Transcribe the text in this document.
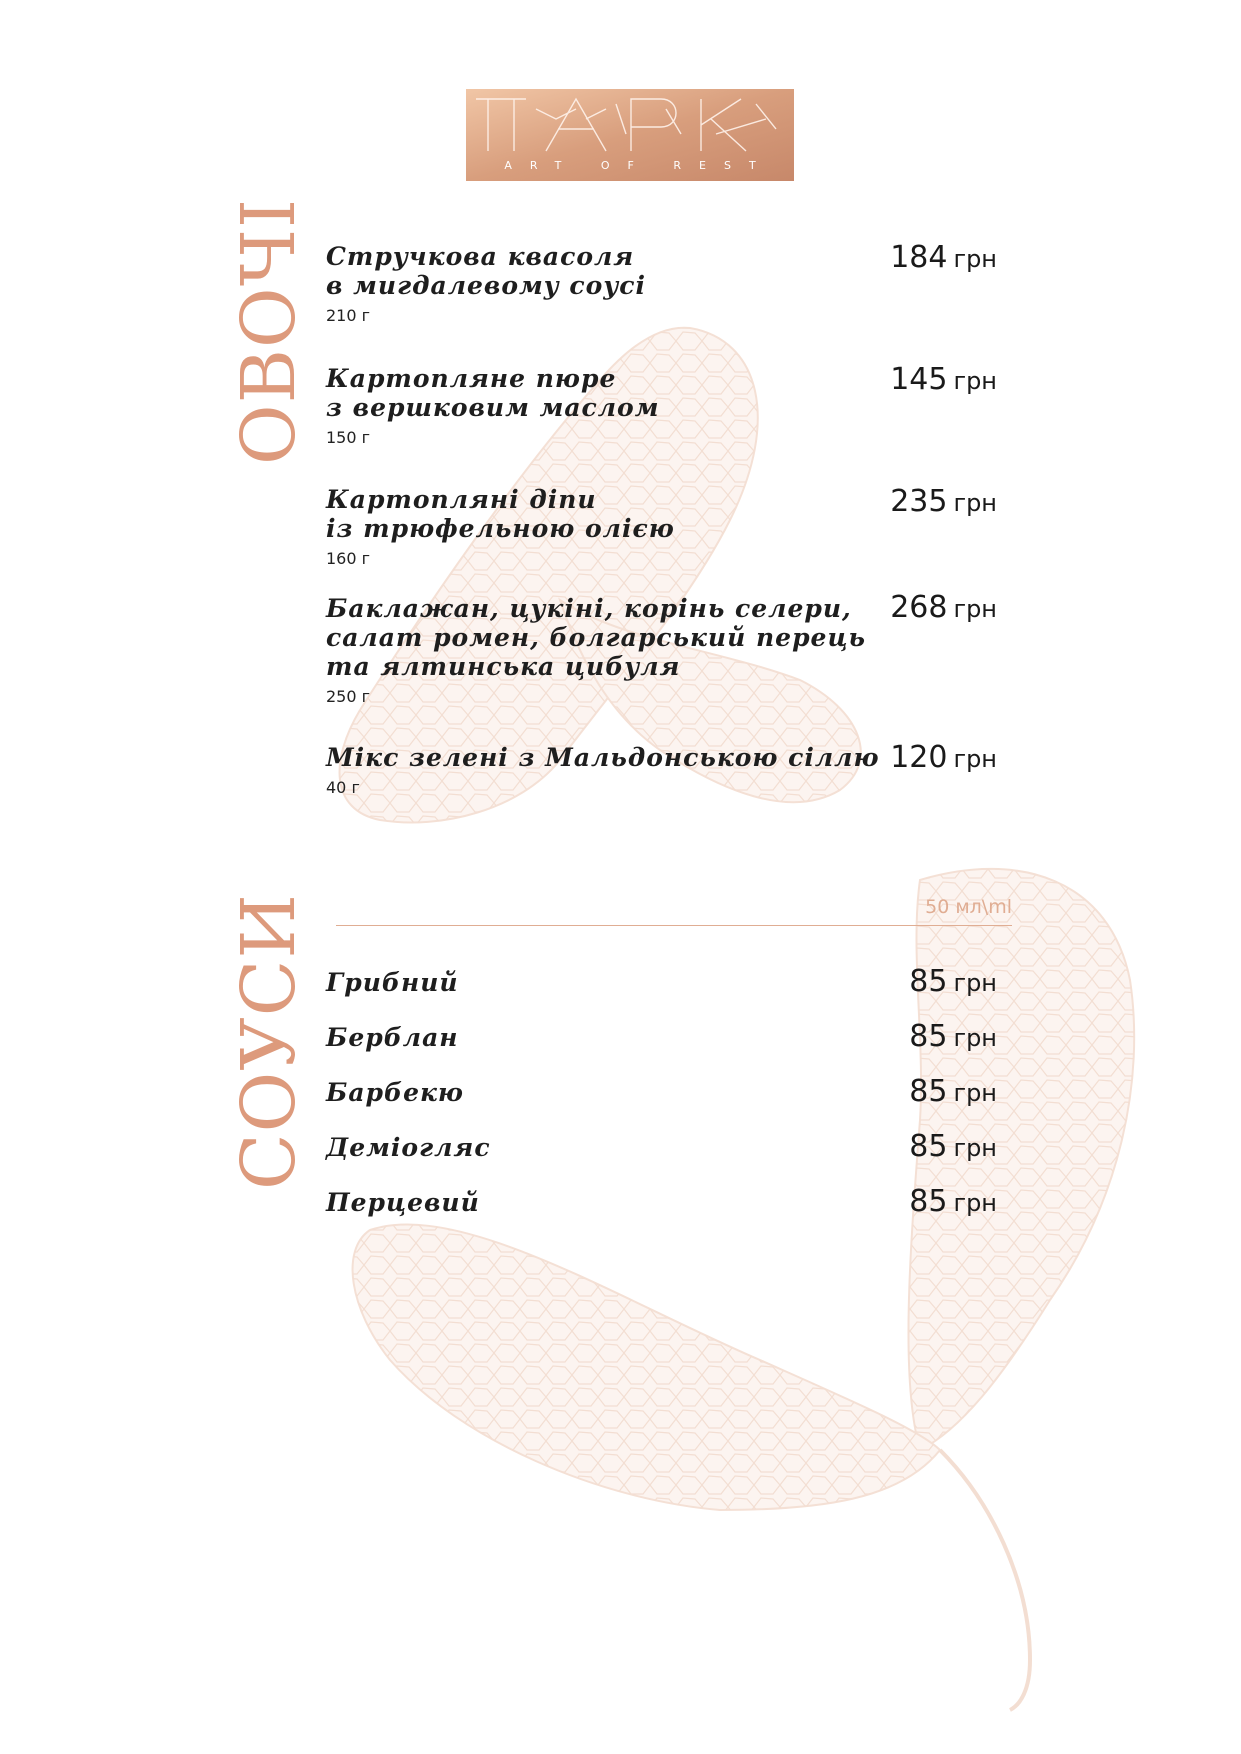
ART OF REST
ОВОЧІ
СОУСИ
Стручкова квасоля
в мигдалевому соусі
210 г
184 грн
Картопляне пюре
з вершковим маслом
150 г
145 грн
Картопляні діпи
із трюфельною олією
160 г
235 грн
Баклажан, цукіні, корінь селери,
салат ромен, болгарський перець
та ялтинська цибуля
250 г
268 грн
Мікс зелені з Мальдонською сіллю
40 г
120 грн
50 мл\ml
Грибний	85 грн
Берблан	85 грн
Барбекю	85 грн
Деміогляс	85 грн
Перцевий	85 грн
